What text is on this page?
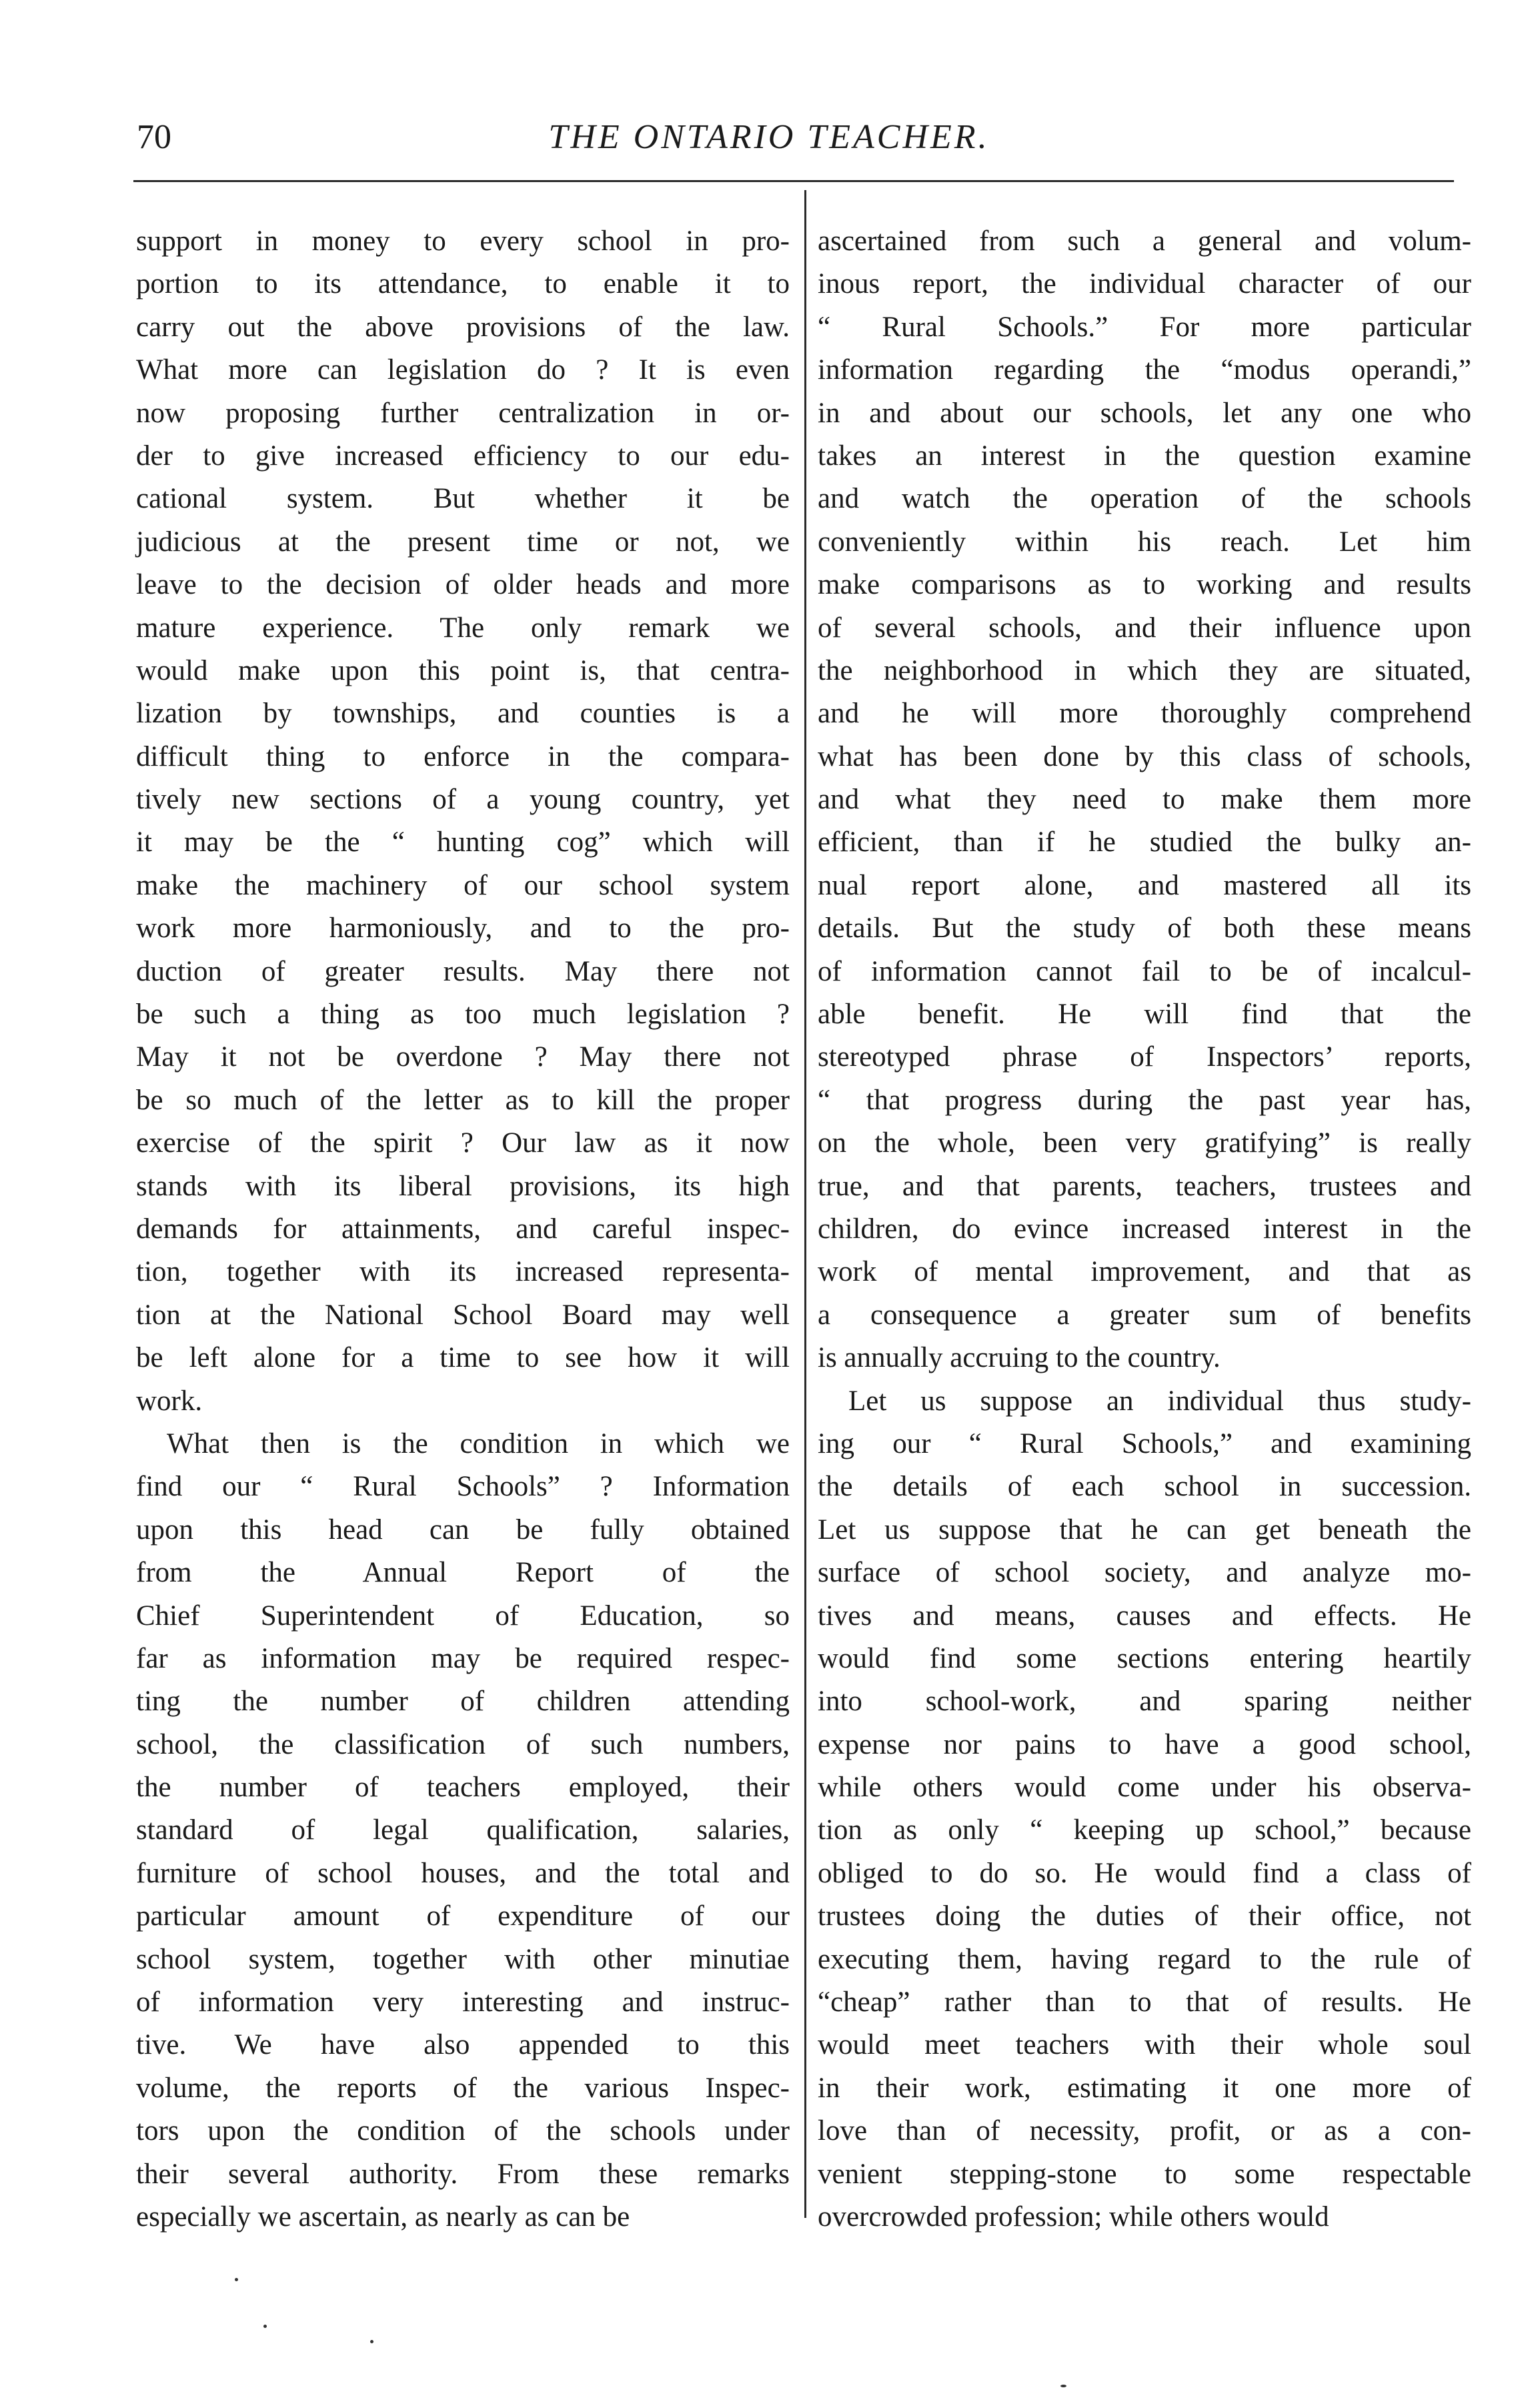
70	THE ONTARIO TEACHER.
support in money to every school in pro-
portion to its attendance, to enable it to
carry out the above provisions of the law.
What more can legislation do ? It is even
now proposing further centralization in or-
der to give increased efficiency to our edu-
cational system. But whether it be
judicious at the present time or not, we
leave to the decision of older heads and more
mature experience. The only remark we
would make upon this point is, that centra-
lization by townships, and counties is a
difficult thing to enforce in the compara-
tively new sections of a young country, yet
it may be the “ hunting cog” which will
make the machinery of our school system
work more harmoniously, and to the pro-
duction of greater results. May there not
be such a thing as too much legislation ?
May it not be overdone ? May there not
be so much of the letter as to kill the proper
exercise of the spirit ? Our law as it now
stands with its liberal provisions, its high
demands for attainments, and careful inspec-
tion, together with its increased representa-
tion at the National School Board may well
be left alone for a time to see how it will
work.
What then is the condition in which we
find our “ Rural Schools” ? Information
upon this head can be fully obtained
from the Annual Report of the
Chief Superintendent of Education, so
far as information may be required respec-
ting the number of children attending
school, the classification of such numbers,
the number of teachers employed, their
standard of legal qualification, salaries,
furniture of school houses, and the total and
particular amount of expenditure of our
school system, together with other minutiae
of information very interesting and instruc-
tive. We have also appended to this
volume, the reports of the various Inspec-
tors upon the condition of the schools under
their several authority. From these remarks
especially we ascertain, as nearly as can be
ascertained from such a general and volum-
inous report, the individual character of our
“ Rural Schools.” For more particular
information regarding the “modus operandi,”
in and about our schools, let any one who
takes an interest in the question examine
and watch the operation of the schools
conveniently within his reach. Let him
make comparisons as to working and results
of several schools, and their influence upon
the neighborhood in which they are situated,
and he will more thoroughly comprehend
what has been done by this class of schools,
and what they need to make them more
efficient, than if he studied the bulky an-
nual report alone, and mastered all its
details. But the study of both these means
of information cannot fail to be of incalcul-
able benefit. He will find that the
stereotyped phrase of Inspectors’ reports,
“ that progress during the past year has,
on the whole, been very gratifying” is really
true, and that parents, teachers, trustees and
children, do evince increased interest in the
work of mental improvement, and that as
a consequence a greater sum of benefits
is annually accruing to the country.
Let us suppose an individual thus study-
ing our “ Rural Schools,” and examining
the details of each school in succession.
Let us suppose that he can get beneath the
surface of school society, and analyze mo-
tives and means, causes and effects. He
would find some sections entering heartily
into school-work, and sparing neither
expense nor pains to have a good school,
while others would come under his observa-
tion as only “ keeping up school,” because
obliged to do so. He would find a class of
trustees doing the duties of their office, not
executing them, having regard to the rule of
“cheap” rather than to that of results. He
would meet teachers with their whole soul
in their work, estimating it one more of
love than of necessity, profit, or as a con-
venient stepping-stone to some respectable
overcrowded profession; while others would
